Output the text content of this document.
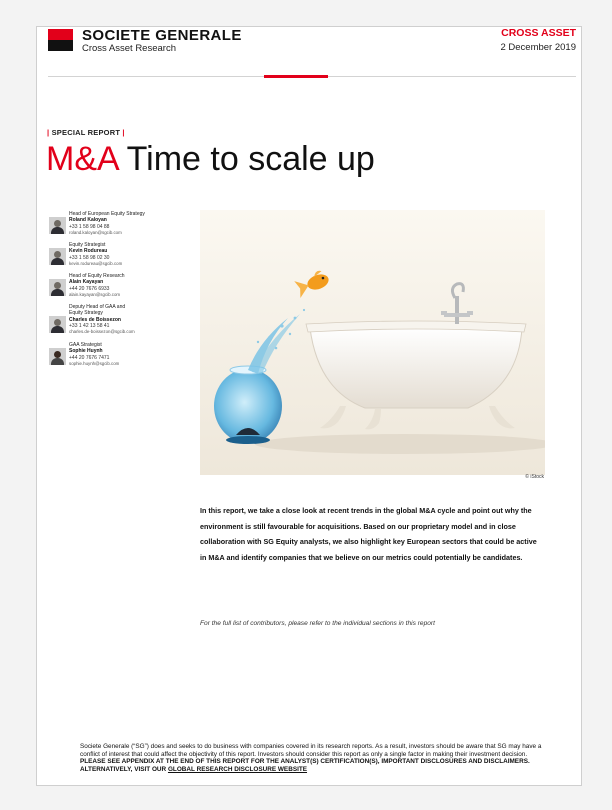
SOCIETE GENERALE
Cross Asset Research
CROSS ASSET
2 December 2019
| SPECIAL REPORT |
M&A Time to scale up
Head of European Equity Strategy
Roland Kaloyan
+33 1 58 98 04 88
roland.kaloyan@sgcib.com
Equity Strategist
Kevin Rodureau
+33 1 58 98 02 30
kevin.rodureau@sgcib.com
Head of Equity Research
Alain Kayayan
+44 20 7676 6933
alain.kayayan@sgcib.com
Deputy Head of GAA and
Equity Strategy
Charles de Boissezon
+33 1 42 13 58 41
charles.de-boissezon@sgcib.com
GAA Strategist
Sophie Huynh
+44 20 7676 7471
sophie.huynh@sgcib.com
© iStock
In this report, we take a close look at recent trends in the global M&A cycle and point out why the environment is still favourable for acquisitions. Based on our proprietary model and in close collaboration with SG Equity analysts, we also highlight key European sectors that could be active in M&A and identify companies that we believe on our metrics could potentially be candidates.
For the full list of contributors, please refer to the individual sections in this report
Societe Generale (“SG”) does and seeks to do business with companies covered in its research reports. As a result, investors should be aware that SG may have a conflict of interest that could affect the objectivity of this report. Investors should consider this report as only a single factor in making their investment decision. PLEASE SEE APPENDIX AT THE END OF THIS REPORT FOR THE ANALYST(S) CERTIFICATION(S), IMPORTANT DISCLOSURES AND DISCLAIMERS. ALTERNATIVELY, VISIT OUR GLOBAL RESEARCH DISCLOSURE WEBSITE
